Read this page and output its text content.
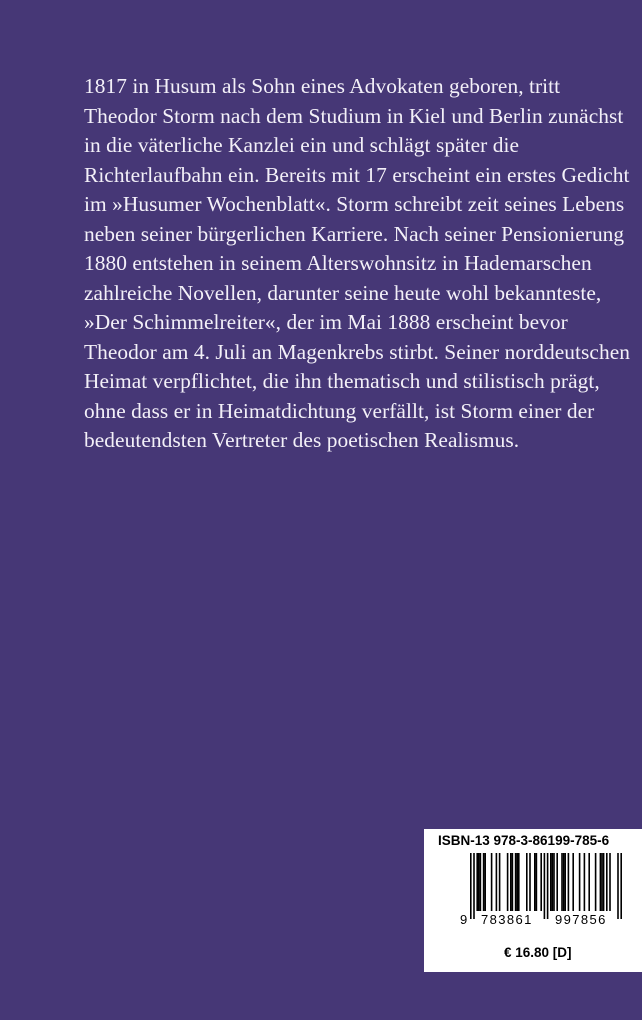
1817 in Husum als Sohn eines Advokaten geboren, tritt
Theodor Storm nach dem Studium in Kiel und Berlin zunächst
in die väterliche Kanzlei ein und schlägt später die
Richterlaufbahn ein. Bereits mit 17 erscheint ein erstes Gedicht
im »Husumer Wochenblatt«. Storm schreibt zeit seines Lebens
neben seiner bürgerlichen Karriere. Nach seiner Pensionierung
1880 entstehen in seinem Alterswohnsitz in Hademarschen
zahlreiche Novellen, darunter seine heute wohl bekannteste,
»Der Schimmelreiter«, der im Mai 1888 erscheint bevor
Theodor am 4. Juli an Magenkrebs stirbt. Seiner norddeutschen
Heimat verpflichtet, die ihn thematisch und stilistisch prägt,
ohne dass er in Heimatdichtung verfällt, ist Storm einer der
bedeutendsten Vertreter des poetischen Realismus.

ISBN-13 978-3-86199-785-6
9 783861	997856
€ 16.80 [D]
